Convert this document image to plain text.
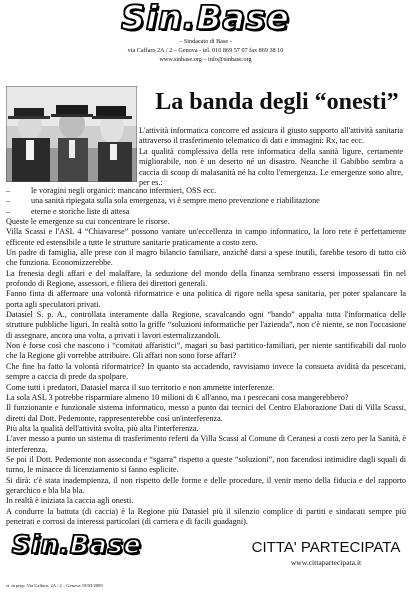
Sin.Base
– Sindacato di Base -
via Caffaro 2A / 2 – Genova - tel. 010 869 57 07 fax 869 38 10
www.sinbase.org – info@sinbase.org
La banda degli “onesti”

L'attività informatica concorre ed assicura il giusto supporto all'attività sanitaria attraverso il trasferimento telematico di dati e immagini: Rx, tac ecc.

La qualità complessiva della rete informatica della sanità ligure, certamente migliorabile, non è un deserto né un disastro. Neanche il Gabibbo sembra a caccia di scoop di malasanità né ha colto l'emergenza. Le emergenze sono altre, per es.:

–	le voragini negli organici: mancano infermieri, OSS ecc.
–	una sanità ripiegata sulla sola emergenza, vi è sempre meno prevenzione e riabilitazione
–	eterne e storiche liste di attesa

Queste le emergenze su cui concentrare le risorse.

Villa Scassi e l'ASL 4 “Chiavarese” possono vantare un'eccellenza in campo informatico, la loro rete è perfettamente efficente ed estensibile a tutte le strutture sanitarie praticamente a costo zero.

Un padre di famiglia, alle prese con il magro bilancio familiare, anziché darsi a spese inutili, farebbe tesoro di tutto ciò che funziona. Economizzerebbe.

La frenesia degli affari e del malaffare, la seduzione del mondo della finanza sembrano essersi impossessati fin nel profondo di Regione, assessori, e filiera dei direttori generali.

Fanno finta di affermare una volontà riformatrice e una politica di rigore nella spesa sanitaria, per poter spalancare la porta agli speculatori privati.

Datasiel S. p. A., controllata interamente dalla Regione, scavalcando ogni “bando” appalta tutta l'informatica delle strutture pubbliche liguri. In realtà sotto la griffe “soluzioni informatiche per l'azienda”, non c'è niente, se non l'occasione di assegnare, ancora una volta, a privati i lavori esternalizzandoli.

Non è forse così che nascono i “comitati affaristici”, magari su basi partitico-familiari, per niente santificabili dal ruolo che la Regione gli vorrebbe attribuire. Gli affari non sono forse affari?

Che fine ha fatto la volontà riformatrice? In quanto sta accadendo, ravvisiamo invece la consueta avidità da pescecani, sempre a caccia di prede da spolpare.

Come tutti i predatori, Datasiel marca il suo territorio e non ammette interferenze.

La sola ASL 3 potrebbe risparmiare almeno 10 milioni di € all'anno, ma i pescecani cosa mangerebbero?

Il funzionante e funzionale sistema informatico, messo a punto dai tecnici del Centro Elaborazione Dati di Villa Scassi, diretti dal Dott. Pedemonte, rappresenterebbe così un'interferenza.

Più alta la qualità dell'attività svolta, più alta l'interferenza.

L'aver messo a punto un sistema di trasferimento referti da Villa Scassi al Comune di Ceranesi a costi zero per la Sanità, è interferenza.

Se poi il Dott. Pedemonte non asseconda e “sgarra” rispetto a queste “soluzioni”, non facendosi intimidire dagli squali di turno, le minacce di licenziamento si fanno esplicite.

Si dirà: c'è stata inadempienza, il non rispetto delle forme e delle procedure, il venir meno della fiducia e del rapporto gerarchico e bla bla bla.

In realtà è iniziata la caccia agli onesti.

A condurre la battuta (di caccia) è la Regione più Datasiel più il silenzio complice di partiti e sindacati sempre più penetrati e corrosi da interessi particolari (di carriera e di facili guadagni).

Sin.Base	CITTA' PARTECIPATA
www.cittapartecipata.it
st. in prop. Via Caffaro, 2A / 2 – Genova 19/03/2009
